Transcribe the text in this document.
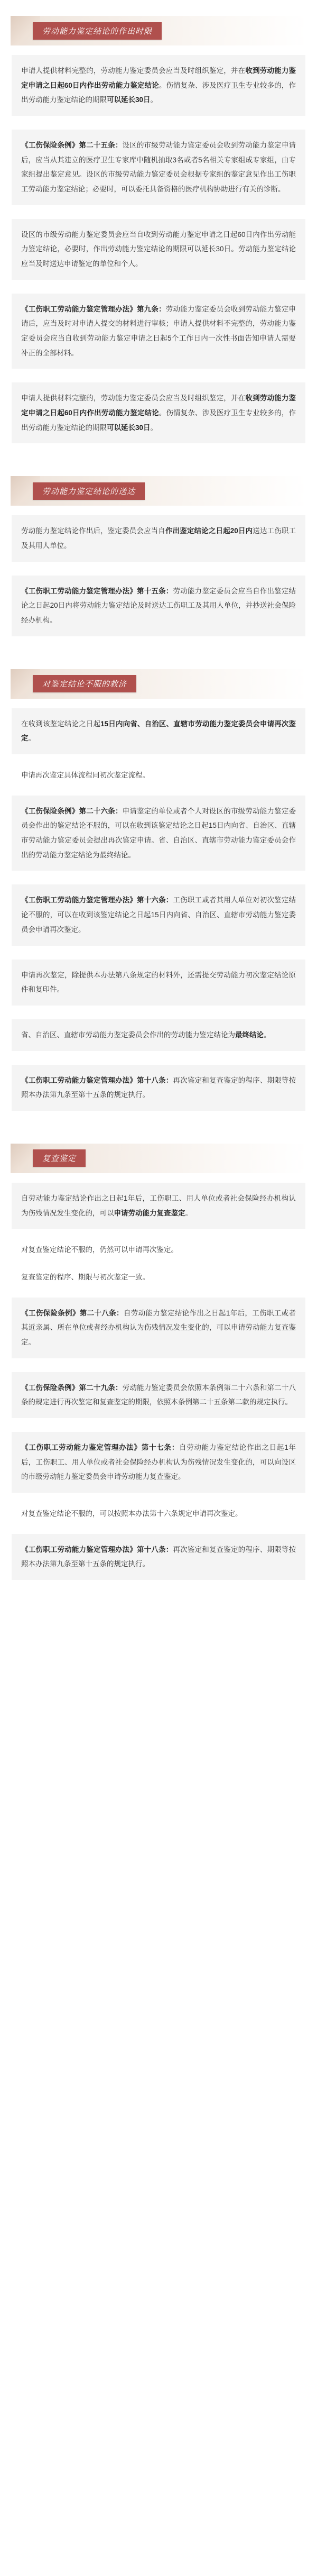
劳动能力鉴定结论的作出时限
申请人提供材料完整的，劳动能力鉴定委员会应当及时组织鉴定，并在收到劳动能力鉴定申请之日起60日内作出劳动能力鉴定结论。伤情复杂、涉及医疗卫生专业较多的，作出劳动能力鉴定结论的期限可以延长30日。
《工伤保险条例》第二十五条：设区的市级劳动能力鉴定委员会收到劳动能力鉴定申请后，应当从其建立的医疗卫生专家库中随机抽取3名或者5名相关专家组成专家组，由专家组提出鉴定意见。设区的市级劳动能力鉴定委员会根据专家组的鉴定意见作出工伤职工劳动能力鉴定结论；必要时，可以委托具备资格的医疗机构协助进行有关的诊断。
设区的市级劳动能力鉴定委员会应当自收到劳动能力鉴定申请之日起60日内作出劳动能力鉴定结论，必要时，作出劳动能力鉴定结论的期限可以延长30日。劳动能力鉴定结论应当及时送达申请鉴定的单位和个人。
《工伤职工劳动能力鉴定管理办法》第九条：劳动能力鉴定委员会收到劳动能力鉴定申请后，应当及时对申请人提交的材料进行审核；申请人提供材料不完整的，劳动能力鉴定委员会应当自收到劳动能力鉴定申请之日起5个工作日内一次性书面告知申请人需要补正的全部材料。
申请人提供材料完整的，劳动能力鉴定委员会应当及时组织鉴定，并在收到劳动能力鉴定申请之日起60日内作出劳动能力鉴定结论。伤情复杂、涉及医疗卫生专业较多的，作出劳动能力鉴定结论的期限可以延长30日。
劳动能力鉴定结论的送达
劳动能力鉴定结论作出后，鉴定委员会应当自作出鉴定结论之日起20日内送达工伤职工及其用人单位。
《工伤职工劳动能力鉴定管理办法》第十五条：劳动能力鉴定委员会应当自作出鉴定结论之日起20日内将劳动能力鉴定结论及时送达工伤职工及其用人单位，并抄送社会保险经办机构。
对鉴定结论不服的救济
在收到该鉴定结论之日起15日内向省、自治区、直辖市劳动能力鉴定委员会申请再次鉴定。
申请再次鉴定具体流程同初次鉴定流程。
《工伤保险条例》第二十六条：申请鉴定的单位或者个人对设区的市级劳动能力鉴定委员会作出的鉴定结论不服的，可以在收到该鉴定结论之日起15日内向省、自治区、直辖市劳动能力鉴定委员会提出再次鉴定申请。省、自治区、直辖市劳动能力鉴定委员会作出的劳动能力鉴定结论为最终结论。
《工伤职工劳动能力鉴定管理办法》第十六条：工伤职工或者其用人单位对初次鉴定结论不服的，可以在收到该鉴定结论之日起15日内向省、自治区、直辖市劳动能力鉴定委员会申请再次鉴定。
申请再次鉴定，除提供本办法第八条规定的材料外，还需提交劳动能力初次鉴定结论原件和复印件。
省、自治区、直辖市劳动能力鉴定委员会作出的劳动能力鉴定结论为最终结论。
《工伤职工劳动能力鉴定管理办法》第十八条：再次鉴定和复查鉴定的程序、期限等按照本办法第九条至第十五条的规定执行。
复查鉴定
自劳动能力鉴定结论作出之日起1年后，工伤职工、用人单位或者社会保险经办机构认为伤残情况发生变化的，可以申请劳动能力复查鉴定。
对复查鉴定结论不服的，仍然可以申请再次鉴定。
复查鉴定的程序、期限与初次鉴定一致。
《工伤保险条例》第二十八条：自劳动能力鉴定结论作出之日起1年后，工伤职工或者其近亲属、所在单位或者经办机构认为伤残情况发生变化的，可以申请劳动能力复查鉴定。
《工伤保险条例》第二十九条：劳动能力鉴定委员会依照本条例第二十六条和第二十八条的规定进行再次鉴定和复查鉴定的期限，依照本条例第二十五条第二款的规定执行。
《工伤职工劳动能力鉴定管理办法》第十七条：自劳动能力鉴定结论作出之日起1年后，工伤职工、用人单位或者社会保险经办机构认为伤残情况发生变化的，可以向设区的市级劳动能力鉴定委员会申请劳动能力复查鉴定。
对复查鉴定结论不服的，可以按照本办法第十六条规定申请再次鉴定。
《工伤职工劳动能力鉴定管理办法》第十八条：再次鉴定和复查鉴定的程序、期限等按照本办法第九条至第十五条的规定执行。
